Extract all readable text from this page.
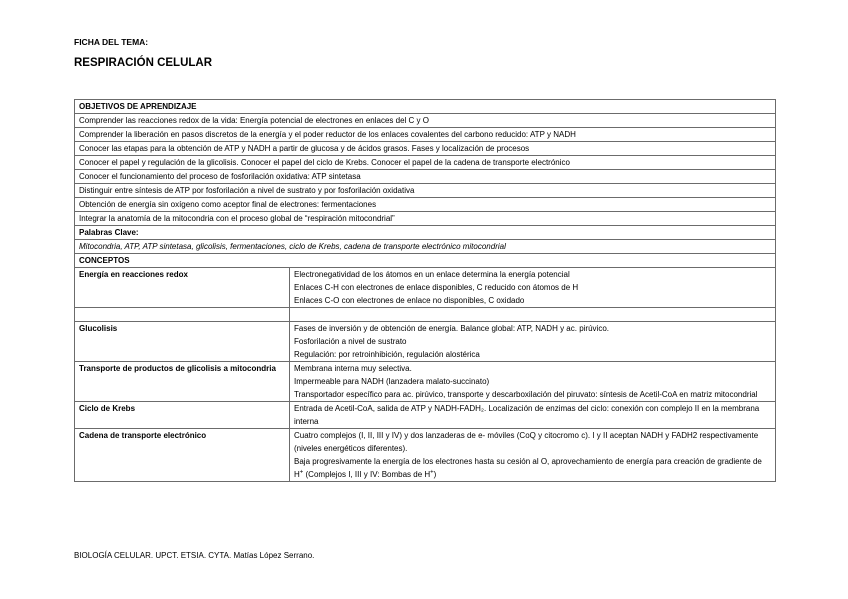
FICHA DEL TEMA:
RESPIRACIÓN CELULAR
OBJETIVOS DE APRENDIZAJE	
Comprender las reacciones redox de la vida: Energía potencial de electrones en enlaces del C y O	
Comprender la liberación en pasos discretos de la energía y el poder reductor de los enlaces covalentes del carbono reducido: ATP y NADH	
Conocer las etapas para la obtención de ATP y NADH a partir de glucosa y de ácidos grasos. Fases y localización de procesos	
Conocer el papel y regulación de la glicolisis. Conocer el papel del ciclo de Krebs. Conocer el papel de la cadena de transporte electrónico	
Conocer el funcionamiento del proceso de fosforilación oxidativa: ATP sintetasa	
Distinguir entre síntesis de ATP por fosforilación a nivel de sustrato y por fosforilación oxidativa	
Obtención de energía sin oxígeno como aceptor final de electrones: fermentaciones	
Integrar la anatomía de la mitocondria con el proceso global de “respiración mitocondrial”	
Palabras Clave:	
Mitocondria, ATP, ATP sintetasa, glicolisis, fermentaciones, ciclo de Krebs, cadena de transporte electrónico mitocondrial	
CONCEPTOS	
Energía en reacciones redox	Electronegatividad de los átomos en un enlace determina la energía potencial
Enlaces C-H con electrones de enlace disponibles, C reducido con átomos de H
Enlaces C-O con electrones de enlace no disponibles, C oxidado

Glucolisis	Fases de inversión y de obtención de energía. Balance global: ATP, NADH y ac. pirúvico.
Fosforilación a nivel de sustrato
Regulación: por retroinhibición, regulación alostérica

Transporte de productos de glicolisis a mitocondria	Membrana interna muy selectiva.
Impermeable para NADH (lanzadera malato-succinato)
Transportador específico para ac. pirúvico, transporte y descarboxilación del piruvato: síntesis de Acetil-CoA en matriz mitocondrial

Ciclo de Krebs	Entrada de Acetil-CoA, salida de ATP y NADH-FADH₂. Localización de enzimas del ciclo: conexión con complejo II en la membrana interna

Cadena de transporte electrónico	Cuatro complejos (I, II, III y IV) y dos lanzaderas de e- móviles (CoQ y citocromo c). I y II aceptan NADH y FADH2 respectivamente (niveles energéticos diferentes).
Baja progresivamente la energía de los electrones hasta su cesión al O, aprovechamiento de energía para creación de gradiente de H+ (Complejos I, III y IV: Bombas de H+)
BIOLOGÍA CELULAR. UPCT. ETSIA. CYTA. Matías López Serrano.
